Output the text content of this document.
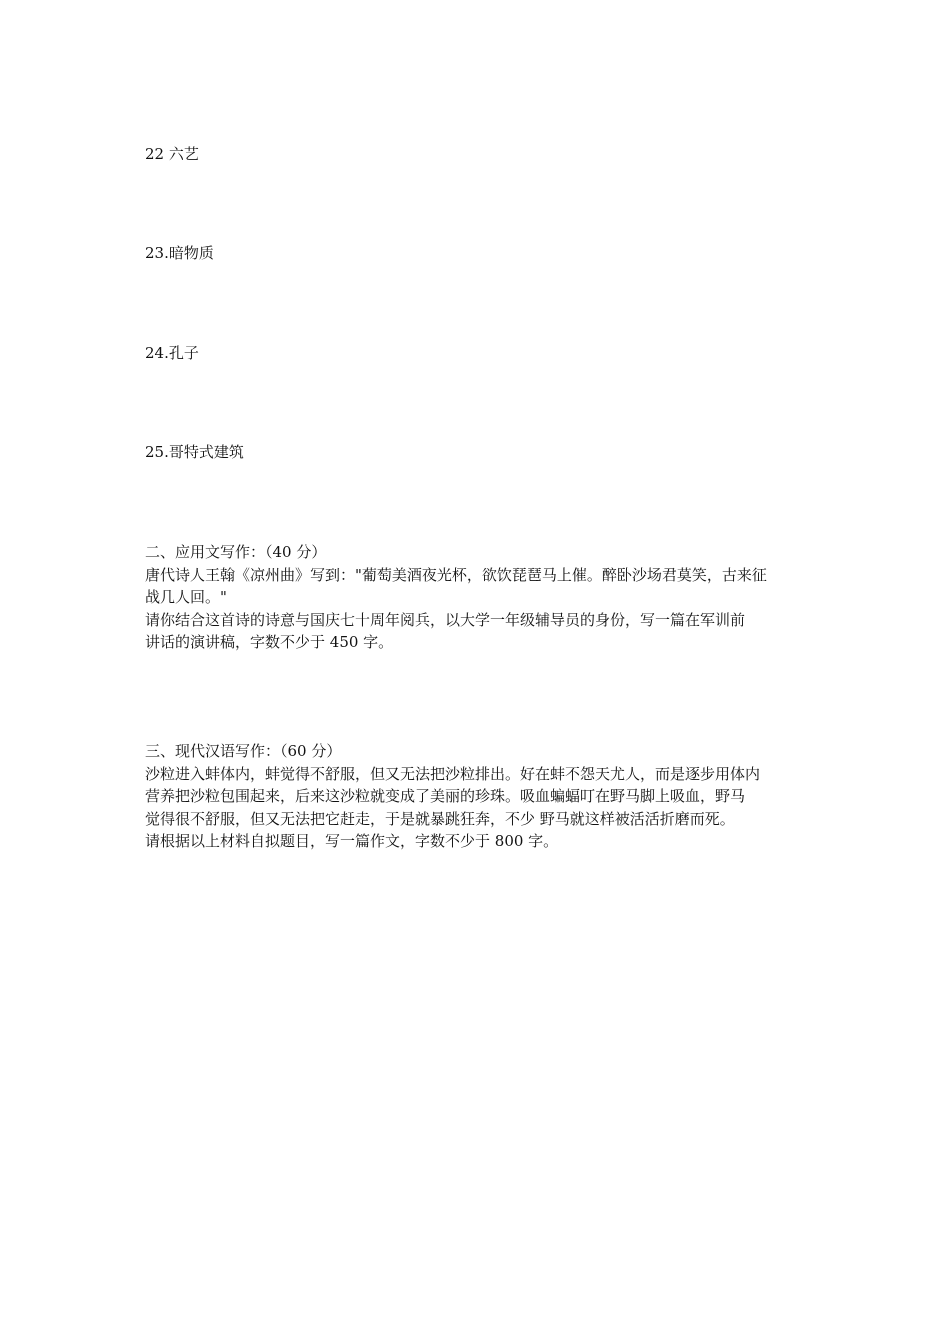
22 六艺
23.暗物质
24.孔子
25.哥特式建筑

二、应用文写作：（40 分）

唐代诗人王翰《凉州曲》写到："葡萄美酒夜光杯，欲饮琵琶马上催。醉卧沙场君莫笑，古来征

战几人回。"

请你结合这首诗的诗意与国庆七十周年阅兵，以大学一年级辅导员的身份，写一篇在军训前

讲话的演讲稿，字数不少于 450 字。

三、现代汉语写作：（60 分）

沙粒进入蚌体内，蚌觉得不舒服，但又无法把沙粒排出。好在蚌不怨天尤人，而是逐步用体内

营养把沙粒包围起来，后来这沙粒就变成了美丽的珍珠。吸血蝙蝠叮在野马脚上吸血，野马

觉得很不舒服，但又无法把它赶走，于是就暴跳狂奔，不少 野马就这样被活活折磨而死。

请根据以上材料自拟题目，写一篇作文，字数不少于 800 字。
